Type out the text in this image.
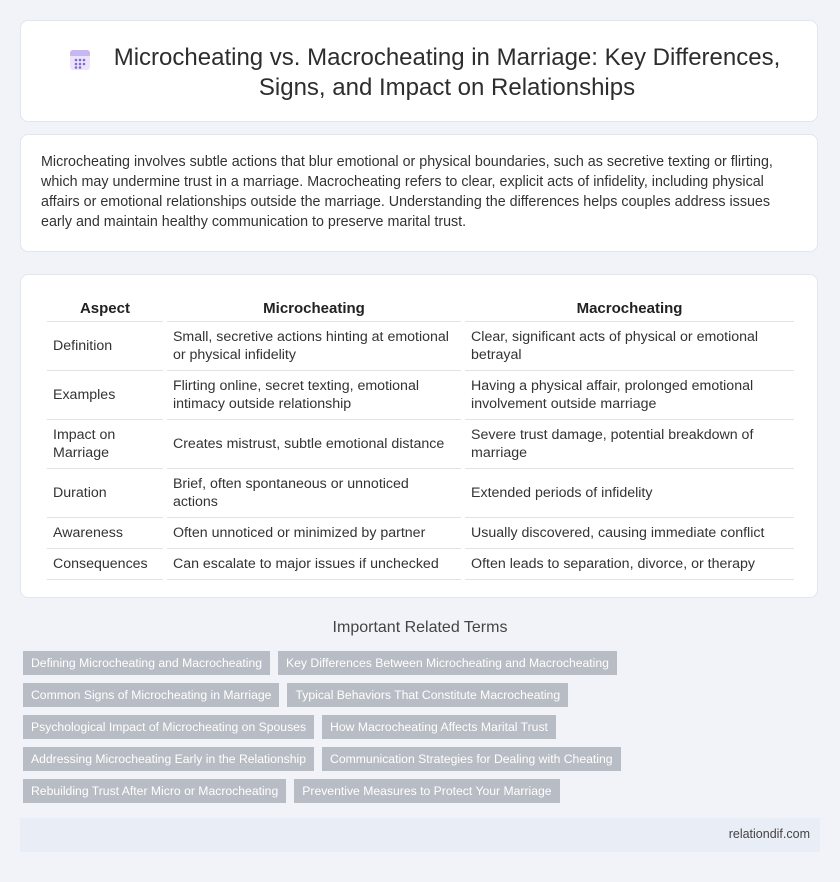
Microcheating vs. Macrocheating in Marriage: Key Differences, Signs, and Impact on Relationships

Microcheating involves subtle actions that blur emotional or physical boundaries, such as secretive texting or flirting, which may undermine trust in a marriage. Macrocheating refers to clear, explicit acts of infidelity, including physical affairs or emotional relationships outside the marriage. Understanding the differences helps couples address issues early and maintain healthy communication to preserve marital trust.

Aspect	Microcheating	Macrocheating
Definition	Small, secretive actions hinting at emotional or physical infidelity	Clear, significant acts of physical or emotional betrayal
Examples	Flirting online, secret texting, emotional intimacy outside relationship	Having a physical affair, prolonged emotional involvement outside marriage
Impact on Marriage	Creates mistrust, subtle emotional distance	Severe trust damage, potential breakdown of marriage
Duration	Brief, often spontaneous or unnoticed actions	Extended periods of infidelity
Awareness	Often unnoticed or minimized by partner	Usually discovered, causing immediate conflict
Consequences	Can escalate to major issues if unchecked	Often leads to separation, divorce, or therapy
Important Related Terms
Defining Microcheating and Macrocheating	Key Differences Between Microcheating and Macrocheating
Common Signs of Microcheating in Marriage	Typical Behaviors That Constitute Macrocheating
Psychological Impact of Microcheating on Spouses	How Macrocheating Affects Marital Trust
Addressing Microcheating Early in the Relationship	Communication Strategies for Dealing with Cheating
Rebuilding Trust After Micro or Macrocheating	Preventive Measures to Protect Your Marriage
relationdif.com
